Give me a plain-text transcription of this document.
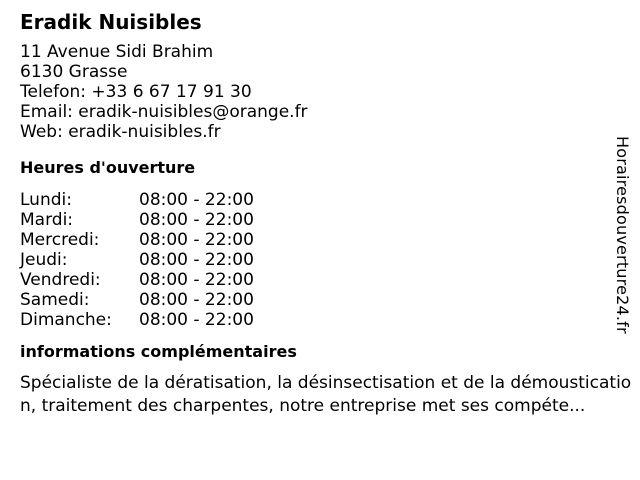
Eradik Nuisibles
11 Avenue Sidi Brahim
6130 Grasse
Telefon: +33 6 67 17 91 30
Email: eradik-nuisibles@orange.fr
Web: eradik-nuisibles.fr
Heures d'ouverture
Lundi:	08:00 - 22:00
Mardi:	08:00 - 22:00
Mercredi:	08:00 - 22:00
Jeudi:	08:00 - 22:00
Vendredi:	08:00 - 22:00
Samedi:	08:00 - 22:00
Dimanche:	08:00 - 22:00
informations complémentaires
Spécialiste de la dératisation, la désinsectisation et de la démoustication, traitement des charpentes, notre entreprise met ses compéte...
Horairesdouverture24.fr
